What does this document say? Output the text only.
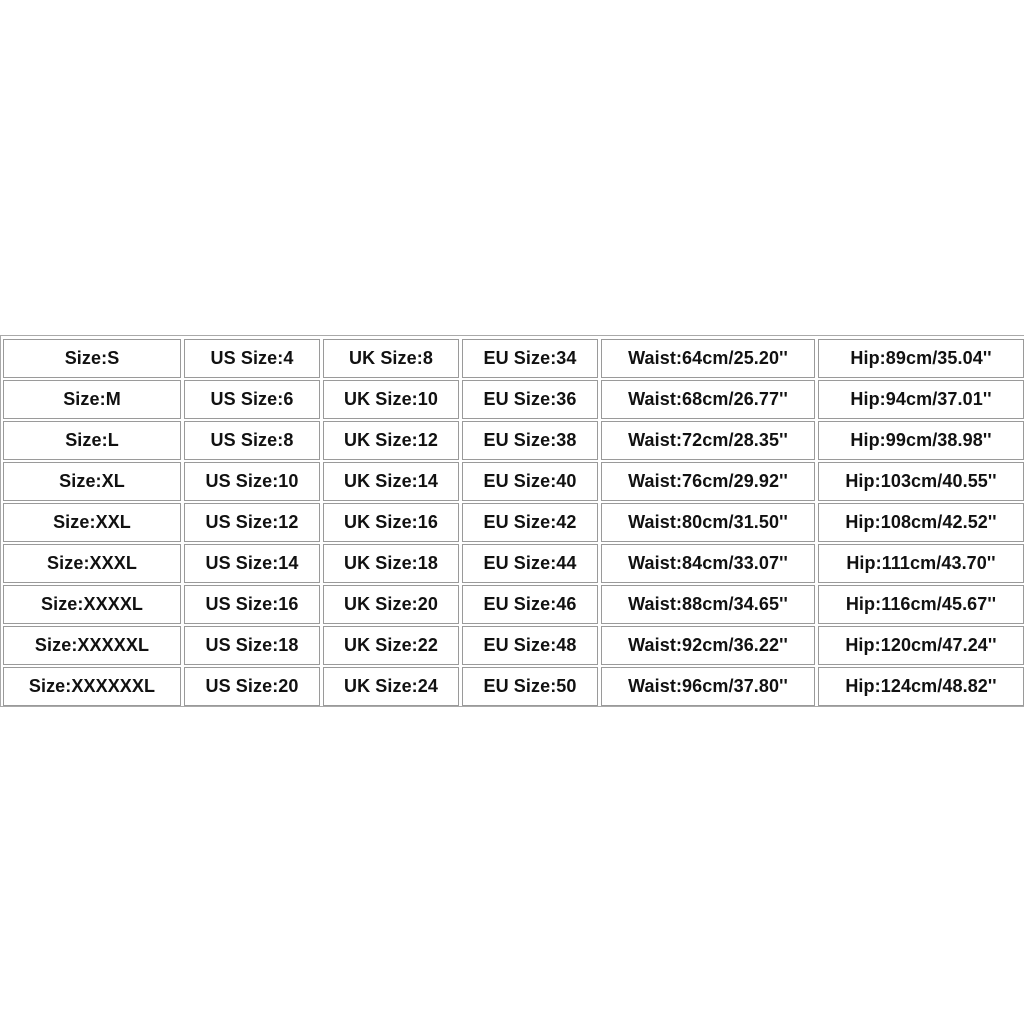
Size:S	US Size:4	UK Size:8	EU Size:34	Waist:64cm/25.20''	Hip:89cm/35.04''
Size:M	US Size:6	UK Size:10	EU Size:36	Waist:68cm/26.77''	Hip:94cm/37.01''
Size:L	US Size:8	UK Size:12	EU Size:38	Waist:72cm/28.35''	Hip:99cm/38.98''
Size:XL	US Size:10	UK Size:14	EU Size:40	Waist:76cm/29.92''	Hip:103cm/40.55''
Size:XXL	US Size:12	UK Size:16	EU Size:42	Waist:80cm/31.50''	Hip:108cm/42.52''
Size:XXXL	US Size:14	UK Size:18	EU Size:44	Waist:84cm/33.07''	Hip:111cm/43.70''
Size:XXXXL	US Size:16	UK Size:20	EU Size:46	Waist:88cm/34.65''	Hip:116cm/45.67''
Size:XXXXXL	US Size:18	UK Size:22	EU Size:48	Waist:92cm/36.22''	Hip:120cm/47.24''
Size:XXXXXXL	US Size:20	UK Size:24	EU Size:50	Waist:96cm/37.80''	Hip:124cm/48.82''
